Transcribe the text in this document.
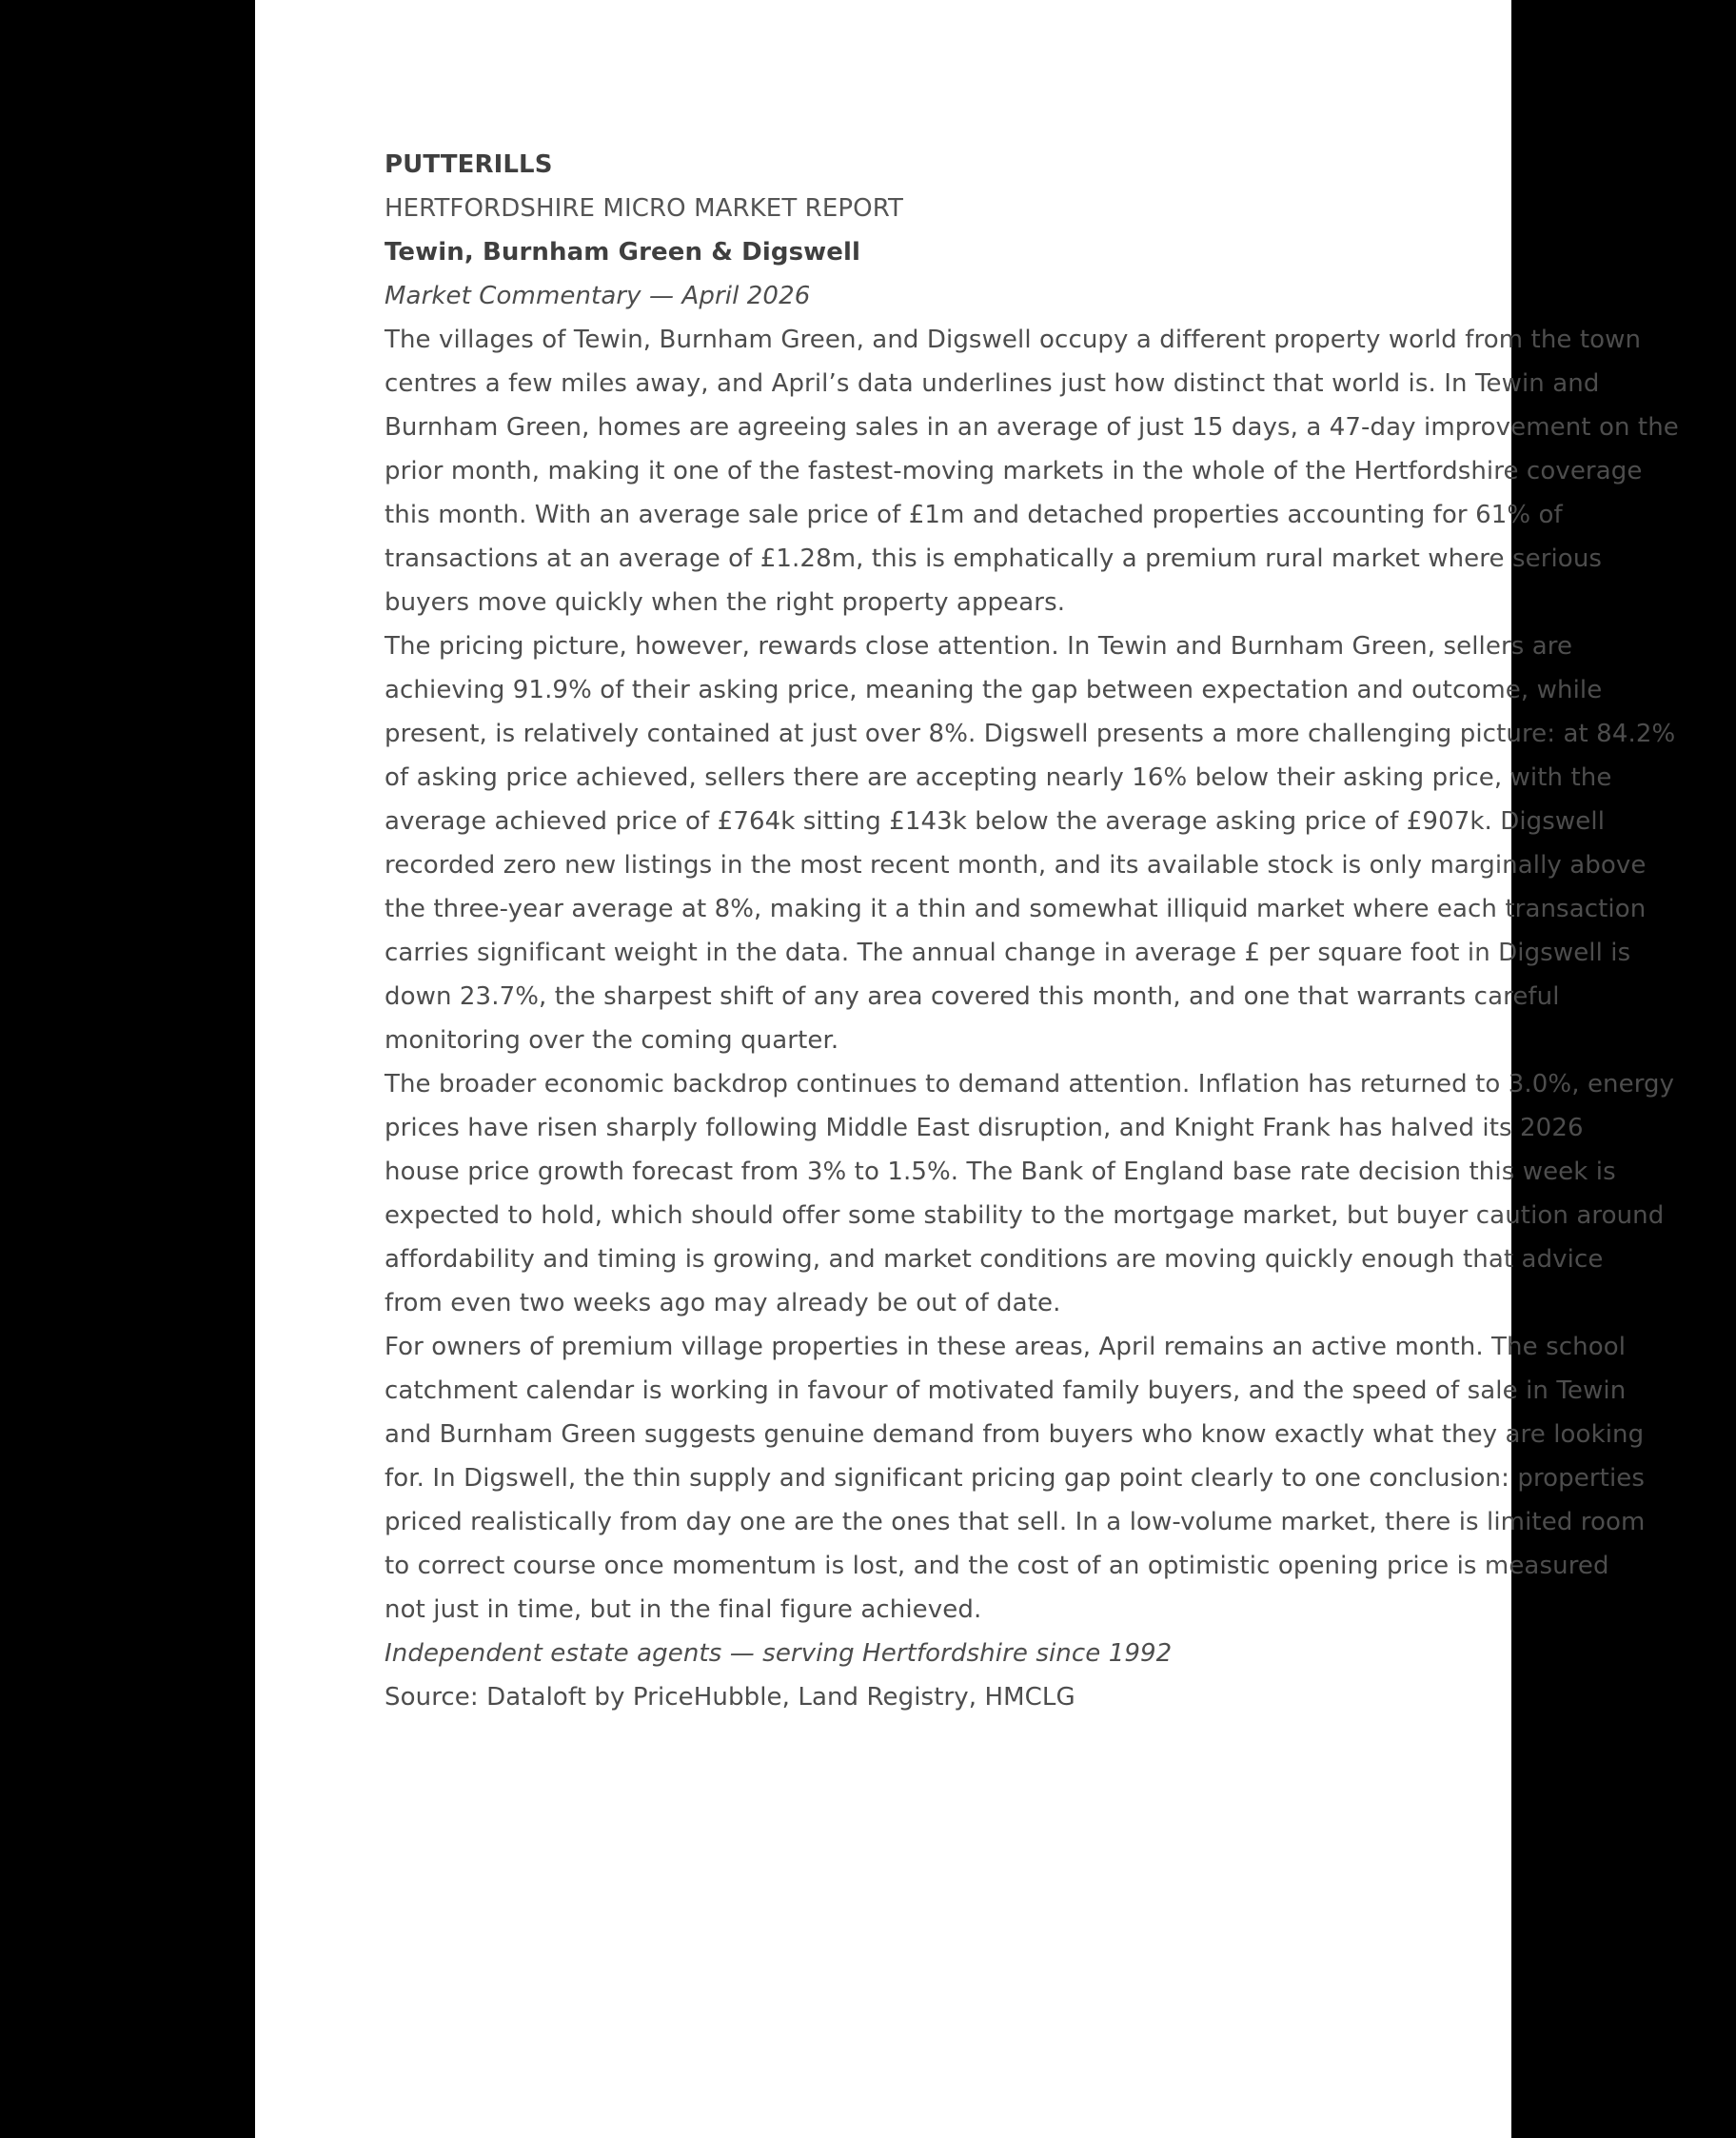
PUTTERILLS
HERTFORDSHIRE MICRO MARKET REPORT
Tewin, Burnham Green & Digswell
Market Commentary — April 2026
The villages of Tewin, Burnham Green, and Digswell occupy a different property world from the town
centres a few miles away, and April’s data underlines just how distinct that world is. In Tewin and
Burnham Green, homes are agreeing sales in an average of just 15 days, a 47-day improvement on the
prior month, making it one of the fastest-moving markets in the whole of the Hertfordshire coverage
this month. With an average sale price of £1m and detached properties accounting for 61% of
transactions at an average of £1.28m, this is emphatically a premium rural market where serious
buyers move quickly when the right property appears.
The pricing picture, however, rewards close attention. In Tewin and Burnham Green, sellers are
achieving 91.9% of their asking price, meaning the gap between expectation and outcome, while
present, is relatively contained at just over 8%. Digswell presents a more challenging picture: at 84.2%
of asking price achieved, sellers there are accepting nearly 16% below their asking price, with the
average achieved price of £764k sitting £143k below the average asking price of £907k. Digswell
recorded zero new listings in the most recent month, and its available stock is only marginally above
the three-year average at 8%, making it a thin and somewhat illiquid market where each transaction
carries significant weight in the data. The annual change in average £ per square foot in Digswell is
down 23.7%, the sharpest shift of any area covered this month, and one that warrants careful
monitoring over the coming quarter.
The broader economic backdrop continues to demand attention. Inflation has returned to 3.0%, energy
prices have risen sharply following Middle East disruption, and Knight Frank has halved its 2026
house price growth forecast from 3% to 1.5%. The Bank of England base rate decision this week is
expected to hold, which should offer some stability to the mortgage market, but buyer caution around
affordability and timing is growing, and market conditions are moving quickly enough that advice
from even two weeks ago may already be out of date.
For owners of premium village properties in these areas, April remains an active month. The school
catchment calendar is working in favour of motivated family buyers, and the speed of sale in Tewin
and Burnham Green suggests genuine demand from buyers who know exactly what they are looking
for. In Digswell, the thin supply and significant pricing gap point clearly to one conclusion: properties
priced realistically from day one are the ones that sell. In a low-volume market, there is limited room
to correct course once momentum is lost, and the cost of an optimistic opening price is measured
not just in time, but in the final figure achieved.
Independent estate agents — serving Hertfordshire since 1992
Source: Dataloft by PriceHubble, Land Registry, HMCLG
